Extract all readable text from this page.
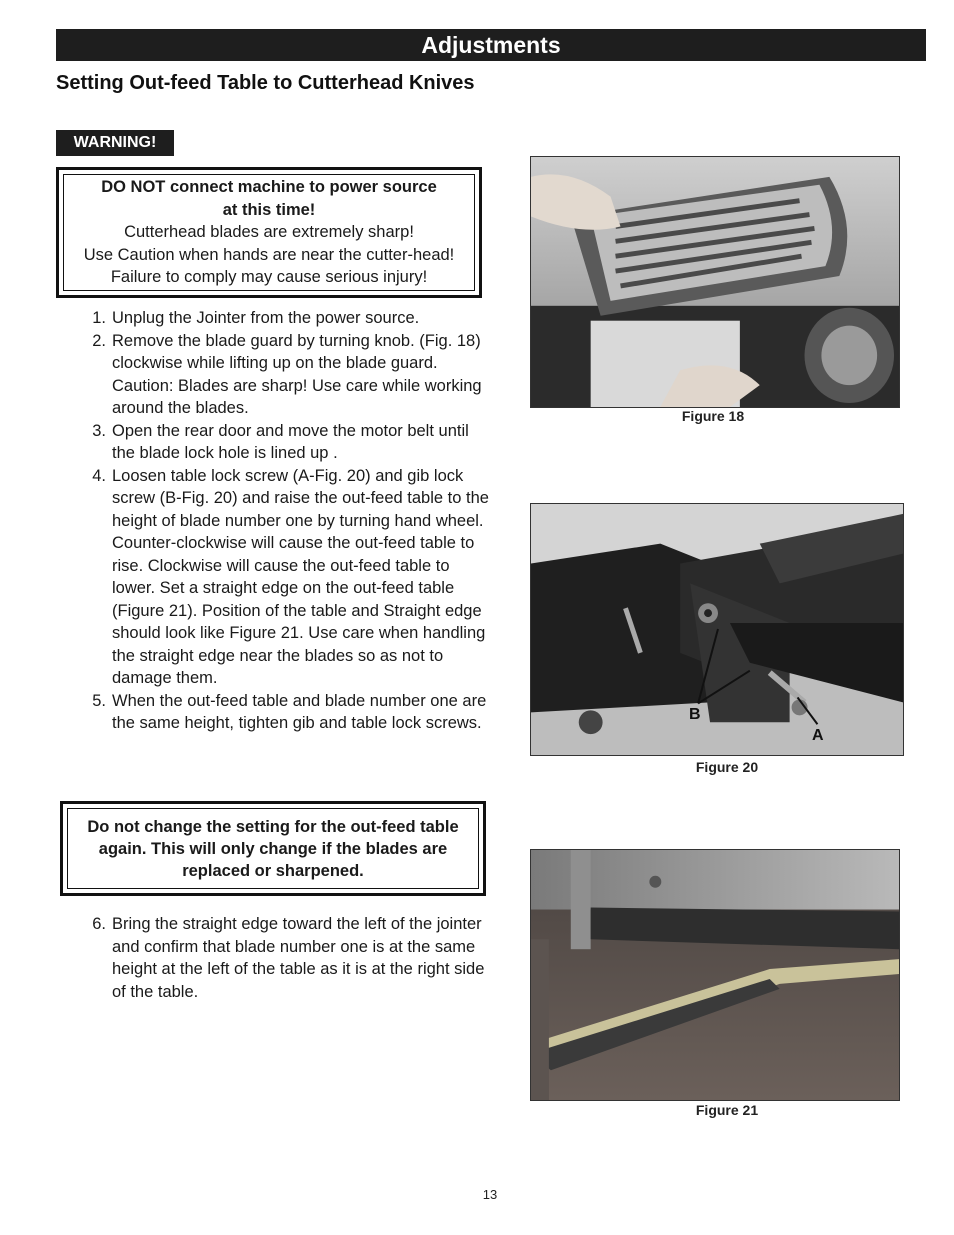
Adjustments
Setting Out-feed Table to Cutterhead Knives
WARNING!
DO NOT connect machine to power source
at this time!
Cutterhead blades are extremely sharp!
Use Caution when hands are near the cutter-head!
Failure to comply may cause serious injury!
1. Unplug the Jointer from the power source.
2. Remove the blade guard by turning knob. (Fig. 18) clockwise while lifting up on the blade guard. Caution: Blades are sharp! Use care while working around the blades.
3. Open the rear door and move the motor belt until the blade lock hole is lined up .
4. Loosen table lock screw (A-Fig. 20) and gib lock screw (B-Fig. 20) and raise the out-feed table to the height of blade number one by turning hand wheel. Counter-clockwise will cause the out-feed table to rise. Clockwise will cause the out-feed table to lower. Set a straight edge on the out-feed table (Figure 21). Position of the table and Straight edge should look like Figure 21. Use care when handling the straight edge near the blades so as not to damage them.
5. When the out-feed table and blade number one are the same height, tighten gib and table lock screws.
Do not change the setting for the out-feed table again. This will only change if the blades are replaced or sharpened.
6. Bring the straight edge toward the left of the jointer and confirm that blade number one is at the same height at the left of the table as it is at the right side of the table.
Figure 18
B
A
Figure 20
Figure 21
13
